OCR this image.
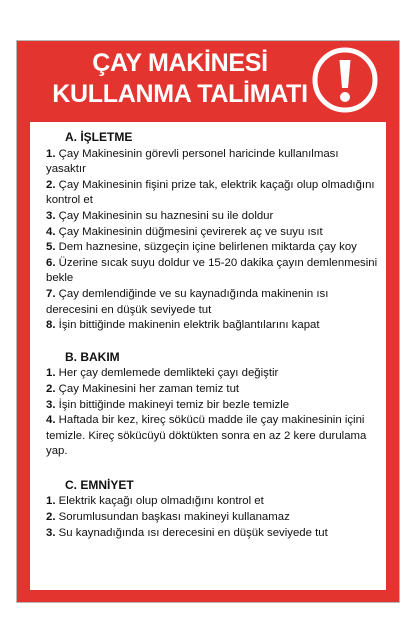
ÇAY MAKİNESİ
KULLANMA TALİMATI
A. İŞLETME
1. Çay Makinesinin görevli personel haricinde kullanılması yasaktır
2. Çay Makinesinin fişini prize tak, elektrik kaçağı olup olmadığını kontrol et
3. Çay Makinesinin su haznesini su ile doldur
4. Çay Makinesinin düğmesini çevirerek aç ve suyu ısıt
5. Dem haznesine, süzgeçin içine belirlenen miktarda çay koy
6. Üzerine sıcak suyu doldur ve 15-20 dakika çayın demlenmesini bekle
7. Çay demlendiğinde ve su kaynadığında makinenin ısı derecesini en düşük seviyede tut
8. İşin bittiğinde makinenin elektrik bağlantılarını kapat
B. BAKIM
1. Her çay demlemede demlikteki çayı değiştir
2. Çay Makinesini her zaman temiz tut
3. İşin bittiğinde makineyi temiz bir bezle temizle
4. Haftada bir kez, kireç sökücü madde ile çay makinesinin içini temizle. Kireç sökücüyü döktükten sonra en az 2 kere durulama yap.
C. EMNİYET
1. Elektrik kaçağı olup olmadığını kontrol et
2. Sorumlusundan başkası makineyi kullanamaz
3. Su kaynadığında ısı derecesini en düşük seviyede tut
